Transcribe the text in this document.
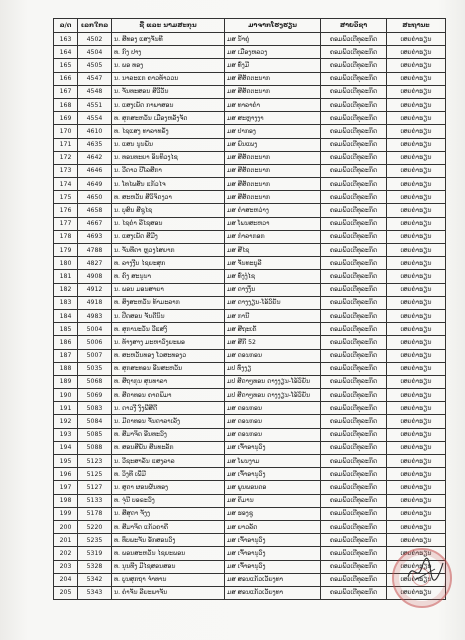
ລ/ດ	ເລກໃກລ	ຊື່ ແລະ ນາມສະກຸນ	ມາຈາກໂຮງຮຽນ	ສາຍວິຊາ	ສະຖານະ
163	4502	ນ. ສີທອງ ແສງຈັນທີ	ມສ ນ້ຳຄູ່	ຄອມພິວເຕີທຸລະກິດ	ເສຍຄ່າຮຽນ
164	4504	ທ. ກົງ ປາງ	ມສ ເມືອງຫລວງ	ຄອມພິວເຕີທຸລະກິດ	ເສຍຄ່າຮຽນ
165	4505	ນ. ພອ ທອງ	ມສ ທົ່ງມີ	ຄອມພິວເຕີທຸລະກິດ	ເສຍຄ່າຮຽນ
166	4547	ນ. ນາລະແກ ຄາວທ້າວວນ	ມສ ສີສັດຕະນາກ	ຄອມພິວເຕີທຸລະກິດ	ເສຍຄ່າຮຽນ
167	4548	ນ. ຈັນທະສອນ ສີວີວັນ	ມສ ສີສັດຕະນາກ	ຄອມພິວເຕີທຸລະກິດ	ເສຍຄ່າຮຽນ
168	4551	ນ. ແສງເພັດ ກາພາສອນ	ມສ ທາລາຄໍາ	ຄອມພິວເຕີທຸລະກິດ	ເສຍຄ່າຮຽນ
169	4554	ທ. ສຸກສະຫວັນ ເມືອງຫລັງຈັດ	ມສ ສະຫຼາງງາ	ຄອມພິວເຕີທຸລະກິດ	ເສຍຄ່າຮຽນ
170	4610	ທ. ໄຊແສງ ທາລາທຣັງ	ມສ ປາກອງ	ຄອມພິວເຕີທຸລະກິດ	ເສຍຄ່າຮຽນ
171	4635	ນ. ແສນ ນູນພັນ	ມສ ພົນແພງ	ຄອມພິວເຕີທຸລະກິດ	ເສຍຄ່າຮຽນ
172	4642	ນ. ທອນທະຍາ ອິນທິວງໄຊ	ມສ ສີສັດຕະນາກ	ຄອມພິວເຕີທຸລະກິດ	ເສຍຄ່າຮຽນ
173	4646	ນ. ວີດາວ ບີໂລສີກາ	ມສ ສີສັດຕະນາກ	ຄອມພິວເຕີທຸລະກິດ	ເສຍຄ່າຮຽນ
174	4649	ນ. ໂທໄພສັນ ແກ້ວໄຈ	ມສ ສີສັດຕະນາກ	ຄອມພິວເຕີທຸລະກິດ	ເສຍຄ່າຮຽນ
175	4650	ທ. ສະຫວັນ ສີວິຈິດງວາ	ມສ ສີສັດຕະນາກ	ຄອມພິວເຕີທຸລະກິດ	ເສຍຄ່າຮຽນ
176	4658	ນ. ບຸສົນ ສີຊູໄຊ	ມສ ຄໍາສະຫວ່າງ	ຄອມພິວເຕີທຸລະກິດ	ເສຍຄ່າຮຽນ
177	4667	ນ. ໄຊຄຳ ລີໄຊສອນ	ມສ ໂພນສະຫວາ	ຄອມພິວເຕີທຸລະກິດ	ເສຍຄ່າຮຽນ
178	4693	ນ. ແສງເພັດ ສີມີງ	ມສ ກໍາລາກອກ	ຄອມພິວເຕີທຸລະກິດ	ເສຍຄ່າຮຽນ
179	4788	ນ. ຈັນທີດາ ຫຼວງໄສຍາກ	ມສ ສີໄຊ	ຄອມພິວເຕີທຸລະກິດ	ເສຍຄ່າຮຽນ
180	4827	ທ. ລາງງີນ ໄຊຍະສຸກ	ມສ ຈັນທະບູລີ	ຄອມພິວເຕີທຸລະກິດ	ເສຍຄ່າຮຽນ
181	4908	ທ. ຄົງ ສະນຸນາ	ມສ ທົ່ງງໍໄຊ	ຄອມພິວເຕີທຸລະກິດ	ເສຍຄ່າຮຽນ
182	4912	ນ. ພອນ ມອນສາຍາ	ມສ ດາງງິ່ນ	ຄອມພິວເຕີທຸລະກິດ	ເສຍຄ່າຮຽນ
183	4918	ທ. ສິງສະຫວັນ ທ້າມະລາກ	ມສ ດາງງຽນ-ໂອ້ວົຍັນ	ຄອມພິວເຕີທຸລະກິດ	ເສຍຄ່າຮຽນ
184	4983	ນ. ປືດສອນ ຈັນດີນິນ	ມສ ການີ	ຄອມພິວເຕີທຸລະກິດ	ເສຍຄ່າຮຽນ
185	5004	ທ. ສຸການະວັນ ວີແສງົ	ມສ ສີຖະເຄັ	ຄອມພິວເຕີທຸລະກິດ	ເສຍຄ່າຮຽນ
186	5006	ນ. ທ້າງສາງ ມະຫາວົງຍະພອ	ມສ ສີກີ 52	ຄອມພິວເຕີທຸລະກິດ	ເສຍຄ່າຮຽນ
187	5007	ທ. ສະຫວັນທອງ ໂວສະທອງວ	ມສ ດອນກອນ	ຄອມພິວເຕີທຸລະກິດ	ເສຍຄ່າຮຽນ
188	5035	ທ. ສຸກສະທອນ ອີນສະຫວັນ	ມປ ທົ່ງງຽ	ຄອມພິວເຕີທຸລະກິດ	ເສຍຄ່າຮຽນ
189	5068	ທ. ສີຖາກຸນ ສຸນທາລາ	ມປ ສີດາໆທອນ ດາງງຽນ-ໂອ້ວົຍັນ	ຄອມພິວເຕີທຸລະກິດ	ເສຍຄ່າຮຽນ
190	5069	ທ. ສີດາທອນ ຄາດພິມາ	ມປ ສີດາໆທອນ ດາງງຽນ-ໂອ້ວົຍັນ	ຄອມພິວເຕີທຸລະກິດ	ເສຍຄ່າຮຽນ
191	5083	ນ. ດາວງີ ງົງພີສີດີ	ມສ ດອນກອນ	ຄອມພິວເຕີທຸລະກິດ	ເສຍຄ່າຮຽນ
192	5084	ນ. ມີດາທອນ ຈັນດາລາເລັງ	ມສ ດອນກອນ	ຄອມພິວເຕີທຸລະກິດ	ເສຍຄ່າຮຽນ
193	5085	ທ. ສີມາຈິດ ອີນທະວົງ	ມສ ດອນກອນ	ຄອມພິວເຕີທຸລະກິດ	ເສຍຄ່າຮຽນ
194	5088	ທ. ສອນສີພັນ ສີນທະລັກ	ມສ ເຈົ້າອານຸວົງ	ຄອມພິວເຕີທຸລະກິດ	ເສຍຄ່າຮຽນ
195	5123	ນ. ວີຊະສາລັນ ແສງລາລ	ມສ ໂພນງາມ	ຄອມພິວເຕີທຸລະກິດ	ເສຍຄ່າຮຽນ
196	5125	ທ. ວິງທີ ເພີ່ມີ	ມສ ເຈົ້າອານຸວົງ	ຄອມພິວເຕີທຸລະກິດ	ເສຍຄ່າຮຽນ
197	5127	ນ. ສູດາ ຜອນຜັນທອງ	ມສ ພູນພອນດອ	ຄອມພິວເຕີທຸລະກິດ	ເສຍຄ່າຮຽນ
198	5133	ທ. ຈຸ່ນີ ບອຣະວົງ	ມສ ຄິມານ	ຄອມພິວເຕີທຸລະກິດ	ເສຍຄ່າຮຽນ
199	5178	ນ. ສີສຸດາ ຈັງງ	ມສ ຮອງຊູ	ຄອມພິວເຕີທຸລະກິດ	ເສຍຄ່າຮຽນ
200	5220	ທ. ສີມາຈິດ ແກ້ວຄາຄີ	ມສ ຍາວລັດ	ຄອມພິວເຕີທຸລະກິດ	ເສຍຄ່າຮຽນ
201	5235	ທ. ທຶບພະຈັນ ອັກສອນວົງ	ມສ ເຈົ້າອານຸວົງ	ຄອມພິວເຕີທຸລະກິດ	ເສຍຄ່າຮຽນ
202	5319	ທ. ພອນສະຫວັນ ໄຊຍະພອນ	ມສ ເຈົ້າອານຸວົງ	ຄອມພິວເຕີທຸລະກິດ	ເສຍຄ່າຮຽນ
203	5328	ທ. ນຸນທີງ ມີໄຊສອນສອນ	ມສ ເຈົ້າອານຸວົງ	ຄອມພິວເຕີທຸລະກິດ	ເສຍຄ່າຮຽນ
204	5342	ທ. ບູນສຸກຖາ ຈຳທານ	ມສ ສອນແກ້ວເວັຍງທາ	ຄອມພິວເຕີທຸລະກິດ	ເສຍຄ່າຮຽນ
205	5343	ນ. ຄຳຈັນ ລີຍະພາຈັນ	ມສ ສອນແກ້ວເວັຍງທາ	ຄອມພິວເຕີທຸລະກິດ	ເສຍຄ່າຮຽນ
